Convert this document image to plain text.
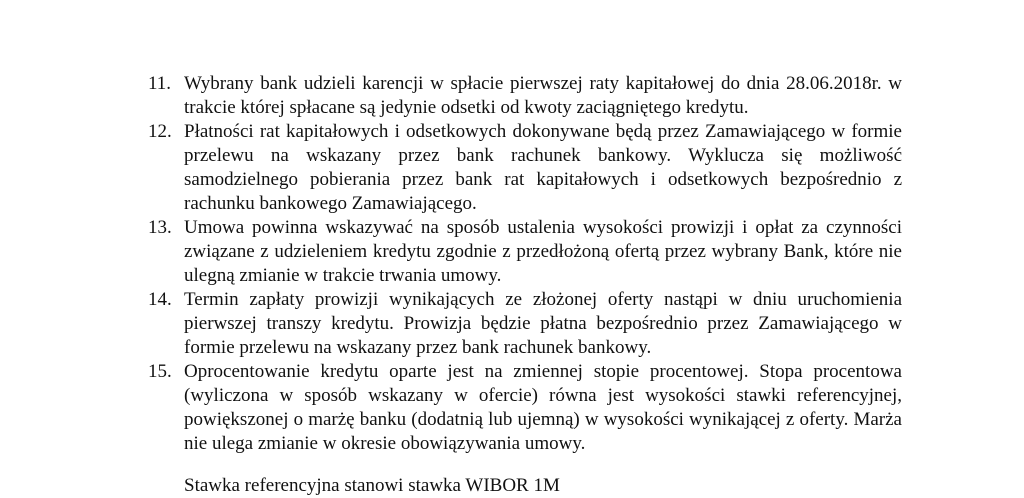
11. Wybrany bank udzieli karencji w spłacie pierwszej raty kapitałowej do dnia 28.06.2018r. w trakcie której spłacane są jedynie odsetki od kwoty zaciągniętego kredytu.
12. Płatności rat kapitałowych i odsetkowych dokonywane będą przez Zamawiającego w formie przelewu na wskazany przez bank rachunek bankowy. Wyklucza się możliwość samodzielnego pobierania przez bank rat kapitałowych i odsetkowych bezpośrednio z rachunku bankowego Zamawiającego.
13. Umowa powinna wskazywać na sposób ustalenia wysokości prowizji i opłat za czynności związane z udzieleniem kredytu zgodnie z przedłożoną ofertą przez wybrany Bank, które nie ulegną zmianie w trakcie trwania umowy.
14. Termin zapłaty prowizji wynikających ze złożonej oferty nastąpi w dniu uruchomienia pierwszej transzy kredytu. Prowizja będzie płatna bezpośrednio przez Zamawiającego w formie przelewu na wskazany przez bank rachunek bankowy.
15. Oprocentowanie kredytu oparte jest na zmiennej stopie procentowej. Stopa procentowa (wyliczona w sposób wskazany w ofercie) równa jest wysokości stawki referencyjnej, powiększonej o marżę banku (dodatnią lub ujemną) w wysokości wynikającej z oferty. Marża nie ulega zmianie w okresie obowiązywania umowy.
Stawka referencyjna stanowi stawka WIBOR 1M
